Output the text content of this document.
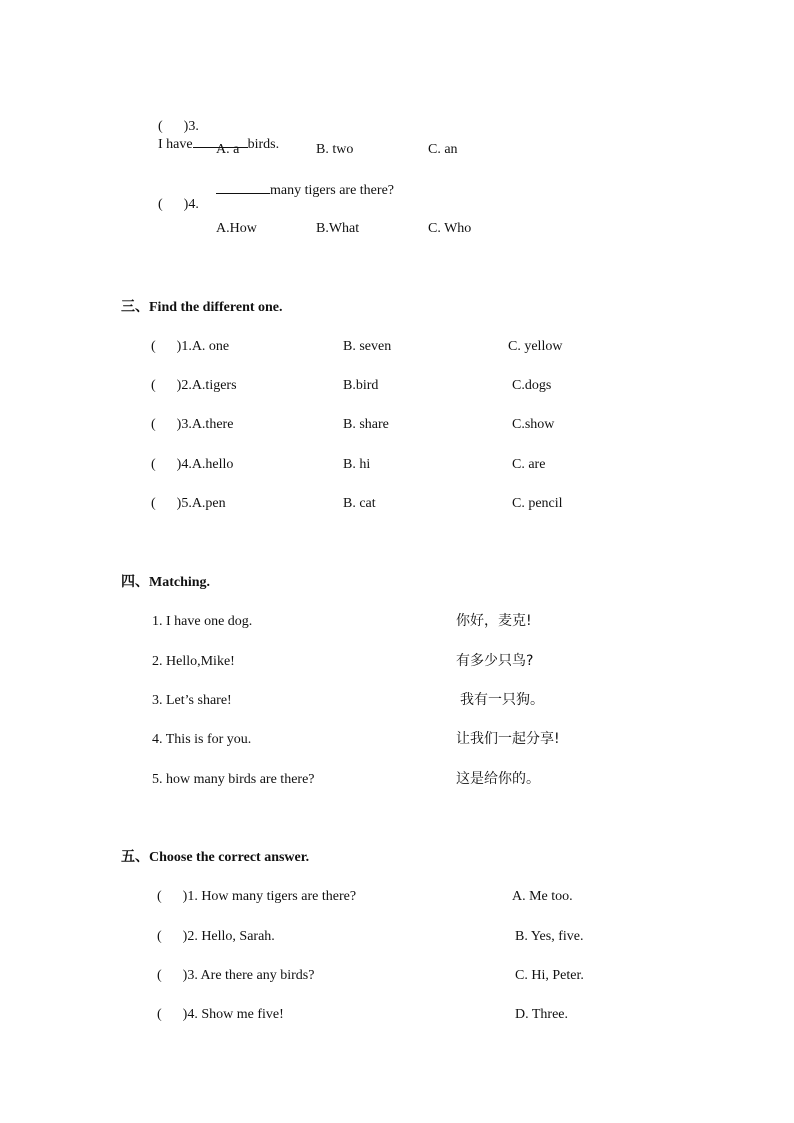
(      )3.
I have	birds.

A. a	B. two	C. an

(      )4.

many tigers are there?
A.How	B.What	C. Who
三、Find the different one.
(      )1.A. one	B. seven	C. yellow
(      )2.A.tigers	B.bird	C.dogs
(      )3.A.there	B. share	C.show
(      )4.A.hello	B. hi	C. are
(      )5.A.pen	B. cat	C. pencil
四、Matching.
1. I have one dog.	你好，麦克!
2. Hello,Mike!	有多少只鸟?
3. Let’s share!	我有一只狗。
4. This is for you.	让我们一起分享!
5. how many birds are there?	这是给你的。
五、Choose the correct answer.
(      )1. How many tigers are there?	A. Me too.
(      )2. Hello, Sarah.	B. Yes, five.
(      )3. Are there any birds?	C. Hi, Peter.
(      )4. Show me five!	D. Three.
